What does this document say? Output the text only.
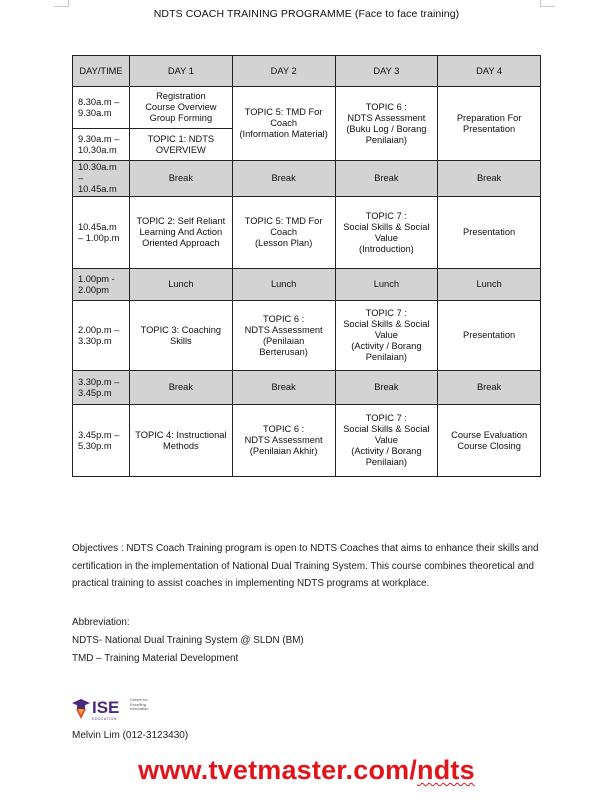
NDTS COACH TRAINING PROGRAMME (Face to face training)
DAY/TIME	DAY 1	DAY 2	DAY 3	DAY 4
8.30a.m –
9.30a.m	Registration
Course Overview
Group Forming	TOPIC 5: TMD For
Coach
(Information Material)	TOPIC 6 :
NDTS Assessment
(Buku Log / Borang
Penilaian)	Preparation For
Presentation
9.30a.m –
10.30a.m	TOPIC 1: NDTS
OVERVIEW			
10.30a.m
–
10.45a.m	Break	Break	Break	Break
10.45a.m
– 1.00p.m	TOPIC 2: Self Reliant
Learning And Action
Oriented Approach	TOPIC 5: TMD For
Coach
(Lesson Plan)	TOPIC 7 :
Social Skills & Social
Value
(Introduction)	Presentation
1.00pm -
2.00pm	Lunch	Lunch	Lunch	Lunch
2.00p.m –
3.30p.m	TOPIC 3: Coaching
Skills	TOPIC 6 :
NDTS Assessment
(Penilaian
Berterusan)	TOPIC 7 :
Social Skills & Social
Value
(Activity / Borang
Penilaian)	Presentation
3.30p.m –
3.45p.m	Break	Break	Break	Break
3.45p.m –
5.30p.m	TOPIC 4: Instructional
Methods	TOPIC 6 :
NDTS Assessment
(Penilaian Akhir)	TOPIC 7 :
Social Skills & Social
Value
(Activity / Borang
Penilaian)	Course Evaluation
Course Closing
Objectives : NDTS Coach Training program is open to NDTS Coaches that aims to enhance their skills and certification in the implementation of National Dual Training System. This course combines theoretical and practical training to assist coaches in implementing NDTS programs at workplace.
Abbreviation:
NDTS- National Dual Training System @ SLDN (BM)
TMD – Training Material Development
ISE	Centre for
Excelling
Innovation
EDUCATION
Melvin Lim (012-3123430)
www.tvetmaster.com/ndts
